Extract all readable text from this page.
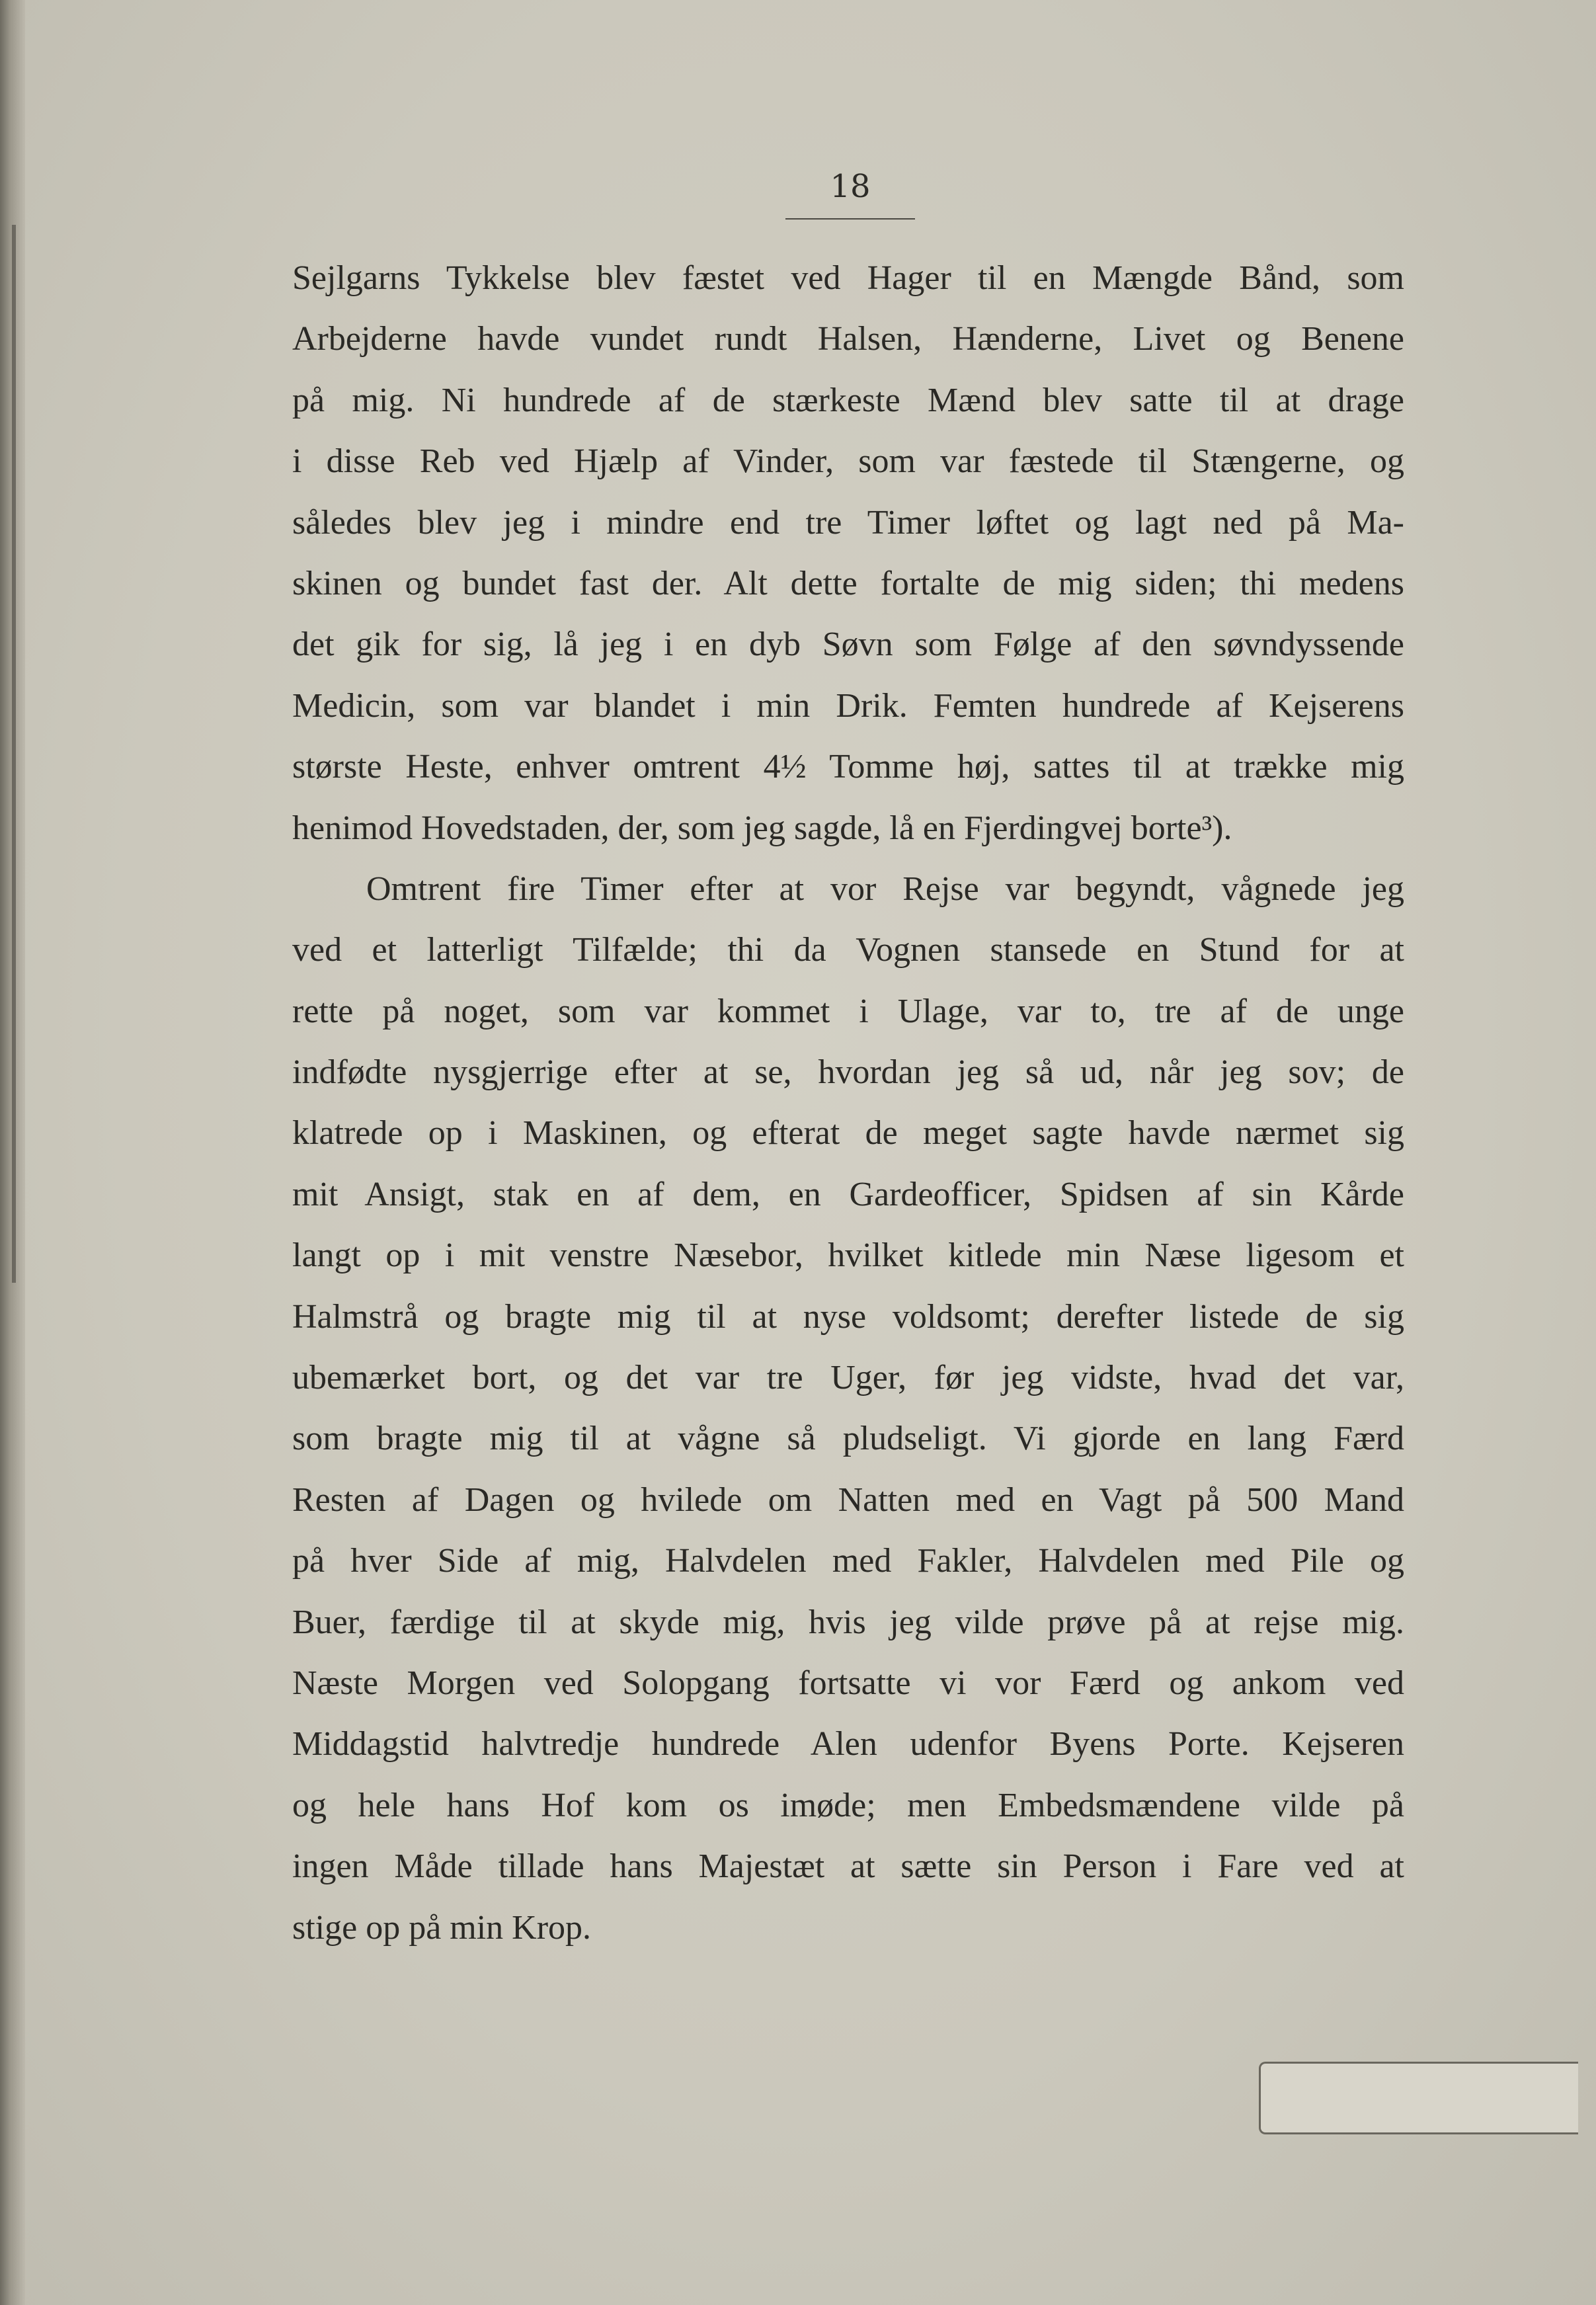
18

Sejlgarns Tykkelse blev fæstet ved Hager til en Mængde Bånd, som

Arbejderne havde vundet rundt Halsen, Hænderne, Livet og Benene

på mig. Ni hundrede af de stærkeste Mænd blev satte til at drage

i disse Reb ved Hjælp af Vinder, som var fæstede til Stængerne, og

således blev jeg i mindre end tre Timer løftet og lagt ned på Ma-

skinen og bundet fast der. Alt dette fortalte de mig siden; thi medens

det gik for sig, lå jeg i en dyb Søvn som Følge af den søvndyssende

Medicin, som var blandet i min Drik. Femten hundrede af Kejserens

største Heste, enhver omtrent 4½ Tomme høj, sattes til at trække mig

henimod Hovedstaden, der, som jeg sagde, lå en Fjerdingvej borte³).

Omtrent fire Timer efter at vor Rejse var begyndt, vågnede jeg

ved et latterligt Tilfælde; thi da Vognen stansede en Stund for at

rette på noget, som var kommet i Ulage, var to, tre af de unge

indfødte nysgjerrige efter at se, hvordan jeg så ud, når jeg sov; de

klatrede op i Maskinen, og efterat de meget sagte havde nærmet sig

mit Ansigt, stak en af dem, en Gardeofficer, Spidsen af sin Kårde

langt op i mit venstre Næsebor, hvilket kitlede min Næse ligesom et

Halmstrå og bragte mig til at nyse voldsomt; derefter listede de sig

ubemærket bort, og det var tre Uger, før jeg vidste, hvad det var,

som bragte mig til at vågne så pludseligt. Vi gjorde en lang Færd

Resten af Dagen og hvilede om Natten med en Vagt på 500 Mand

på hver Side af mig, Halvdelen med Fakler, Halvdelen med Pile og

Buer, færdige til at skyde mig, hvis jeg vilde prøve på at rejse mig.

Næste Morgen ved Solopgang fortsatte vi vor Færd og ankom ved

Middagstid halvtredje hundrede Alen udenfor Byens Porte. Kejseren

og hele hans Hof kom os imøde; men Embedsmændene vilde på

ingen Måde tillade hans Majestæt at sætte sin Person i Fare ved at

stige op på min Krop.
